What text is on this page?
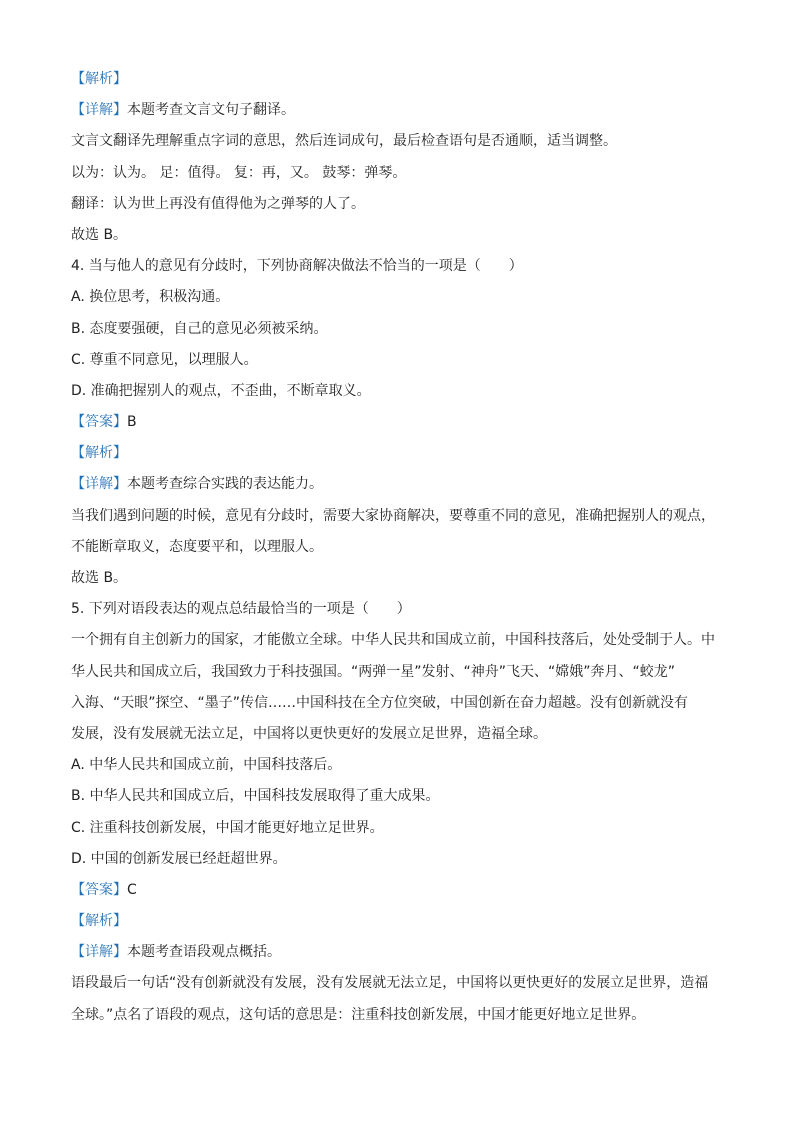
【解析】
【详解】本题考查文言文句子翻译。
文言文翻译先理解重点字词的意思，然后连词成句，最后检查语句是否通顺，适当调整。
以为：认为。 足：值得。 复：再，又。 鼓琴：弹琴。
翻译：认为世上再没有值得他为之弹琴的人了。
故选 B。
4. 当与他人的意见有分歧时，下列协商解决做法不恰当的一项是（　　）
A. 换位思考，积极沟通。
B. 态度要强硬，自己的意见必须被采纳。
C. 尊重不同意见，以理服人。
D. 准确把握别人的观点，不歪曲，不断章取义。
【答案】B
【解析】
【详解】本题考查综合实践的表达能力。
当我们遇到问题的时候，意见有分歧时，需要大家协商解决，要尊重不同的意见，准确把握别人的观点，
不能断章取义，态度要平和，以理服人。
故选 B。
5. 下列对语段表达的观点总结最恰当的一项是（　　）
一个拥有自主创新力的国家，才能傲立全球。中华人民共和国成立前，中国科技落后，处处受制于人。中
华人民共和国成立后，我国致力于科技强国。“两弹一星”发射、“神舟”飞天、“嫦娥”奔月、“蛟龙”
入海、“天眼”探空、“墨子”传信……中国科技在全方位突破，中国创新在奋力超越。没有创新就没有
发展，没有发展就无法立足，中国将以更快更好的发展立足世界，造福全球。
A. 中华人民共和国成立前，中国科技落后。
B. 中华人民共和国成立后，中国科技发展取得了重大成果。
C. 注重科技创新发展，中国才能更好地立足世界。
D. 中国的创新发展已经赶超世界。
【答案】C
【解析】
【详解】本题考查语段观点概括。
语段最后一句话“没有创新就没有发展，没有发展就无法立足，中国将以更快更好的发展立足世界，造福
全球。”点名了语段的观点，这句话的意思是：注重科技创新发展，中国才能更好地立足世界。
